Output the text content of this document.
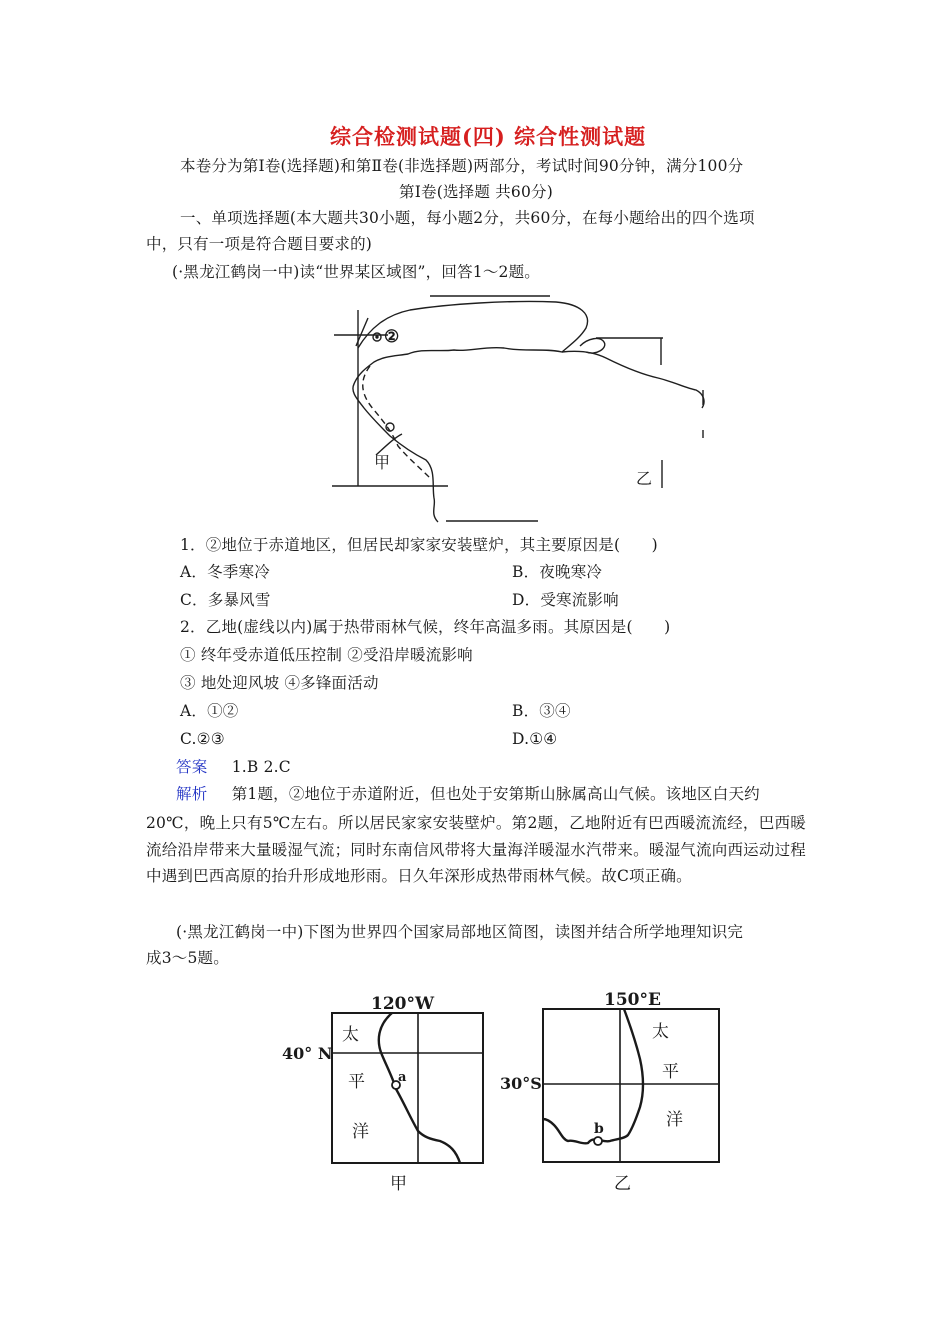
综合检测试题(四) 综合性测试题
本卷分为第Ⅰ卷(选择题)和第Ⅱ卷(非选择题)两部分，考试时间90分钟，满分100分
第Ⅰ卷(选择题 共60分)
一、单项选择题(本大题共30小题，每小题2分，共60分，在每小题给出的四个选项
中，只有一项是符合题目要求的)
(·黑龙江鹤岗一中)读“世界某区域图”，回答1～2题。
②
甲
乙
1．②地位于赤道地区，但居民却家家安装壁炉，其主要原因是(　　)
A．冬季寒冷	B．夜晚寒冷
C．多暴风雪	D．受寒流影响
2．乙地(虚线以内)属于热带雨林气候，终年高温多雨。其原因是(　　)
① 终年受赤道低压控制 ②受沿岸暖流影响
③ 地处迎风坡 ④多锋面活动
A．①②	B．③④
C.②③	D.①④
答案 1.B 2.C
解析 第1题，②地位于赤道附近，但也处于安第斯山脉属高山气候。该地区白天约
20℃，晚上只有5℃左右。所以居民家家安装壁炉。第2题，乙地附近有巴西暖流流经，巴西暖流给沿岸带来大量暖湿气流；同时东南信风带将大量海洋暖湿水汽带来。暖湿气流向西运动过程中遇到巴西高原的抬升形成地形雨。日久年深形成热带雨林气候。故C项正确。
(·黑龙江鹤岗一中)下图为世界四个国家局部地区简图，读图并结合所学地理知识完
成3～5题。
120°W
40° N
太
平
洋
a
甲
150°E
30°S
太
平
洋
b
乙
